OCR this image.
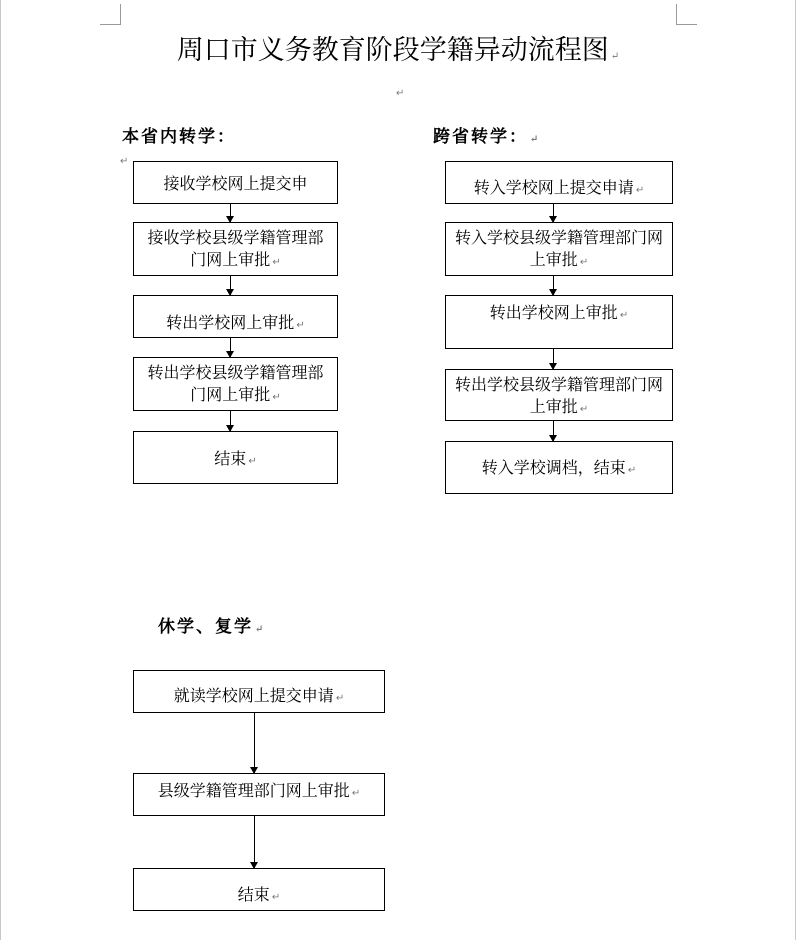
周口市义务教育阶段学籍异动流程图 ↵
↵
本省内转学：
↵
接收学校网上提交申
接收学校县级学籍管理部门网上审批 ↵
转出学校网上审批 ↵
转出学校县级学籍管理部门网上审批 ↵
结束 ↵
跨省转学： ↵
转入学校网上提交申请 ↵
转入学校县级学籍管理部门网上审批 ↵
转出学校网上审批 ↵
转出学校县级学籍管理部门网上审批 ↵
转入学校调档，结束 ↵
休学、复学 ↵
就读学校网上提交申请 ↵
县级学籍管理部门网上审批 ↵
结束 ↵
